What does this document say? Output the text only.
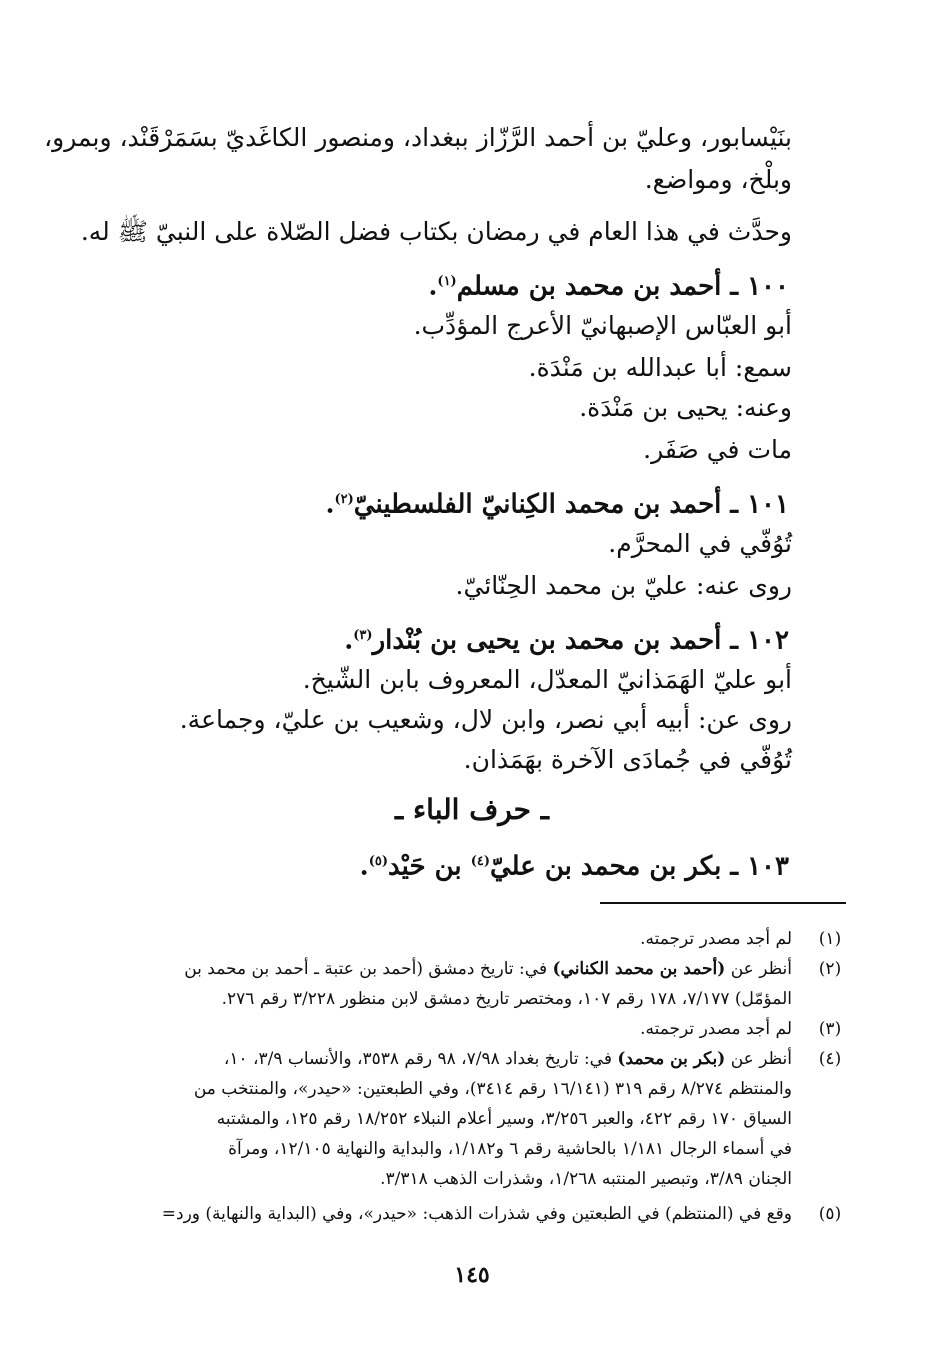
بنَيْسابور، وعليّ بن أحمد الرَّزّاز ببغداد، ومنصور الكاغَديّ بسَمَرْقَنْد، وبمرو،
وبلْخ، ومواضع.
وحدَّث في هذا العام في رمضان بكتاب فضل الصّلاة على النبيّ ﷺ له.
١٠٠ ـ أحمد بن محمد بن مسلم$^{(١)}$.
أبو العبّاس الإصبهانيّ الأعرج المؤدِّب.
سمع: أبا عبدالله بن مَنْدَة.
وعنه: يحيى بن مَنْدَة.
مات في صَفَر.
١٠١ ـ أحمد بن محمد الكِنانيّ الفلسطينيّ$^{(٢)}$.
تُوُفّي في المحرَّم.
روى عنه: عليّ بن محمد الحِنّائيّ.
١٠٢ ـ أحمد بن محمد بن يحيى بن بُنْدار$^{(٣)}$.
أبو عليّ الهَمَذانيّ المعدّل، المعروف بابن الشّيخ.
روى عن: أبيه أبي نصر، وابن لال، وشعيب بن عليّ، وجماعة.
تُوُفّي في جُمادَى الآخرة بهَمَذان.
ـ حرف الباء ـ
١٠٣ ـ بكر بن محمد بن عليّ$^{(٤)}$ بن حَيْد$^{(٥)}$.
(١)
لم أجد مصدر ترجمته.
(٢)
أنظر عن (أحمد بن محمد الكناني) في: تاريخ دمشق (أحمد بن عتبة ـ أحمد بن محمد بن
المؤمّل) ٧/١٧٧، ١٧٨ رقم ١٠٧، ومختصر تاريخ دمشق لابن منظور ٣/٢٢٨ رقم ٢٧٦.
(٣)
لم أجد مصدر ترجمته.
(٤)
أنظر عن (بكر بن محمد) في: تاريخ بغداد ٧/٩٨، ٩٨ رقم ٣٥٣٨، والأنساب ٣/٩، ١٠،
والمنتظم ٨/٢٧٤ رقم ٣١٩ (١٦/١٤١ رقم ٣٤١٤)، وفي الطبعتين: «حيدر»، والمنتخب من
السياق ١٧٠ رقم ٤٢٢، والعبر ٣/٢٥٦، وسير أعلام النبلاء ١٨/٢٥٢ رقم ١٢٥، والمشتبه
في أسماء الرجال ١/١٨١ بالحاشية رقم ٦ و١/١٨٢، والبداية والنهاية ١٢/١٠٥، ومرآة
الجنان ٣/٨٩، وتبصير المنتبه ١/٢٦٨، وشذرات الذهب ٣/٣١٨.
(٥)
وقع في (المنتظم) في الطبعتين وفي شذرات الذهب: «حيدر»، وفي (البداية والنهاية) ورد=
١٤٥
